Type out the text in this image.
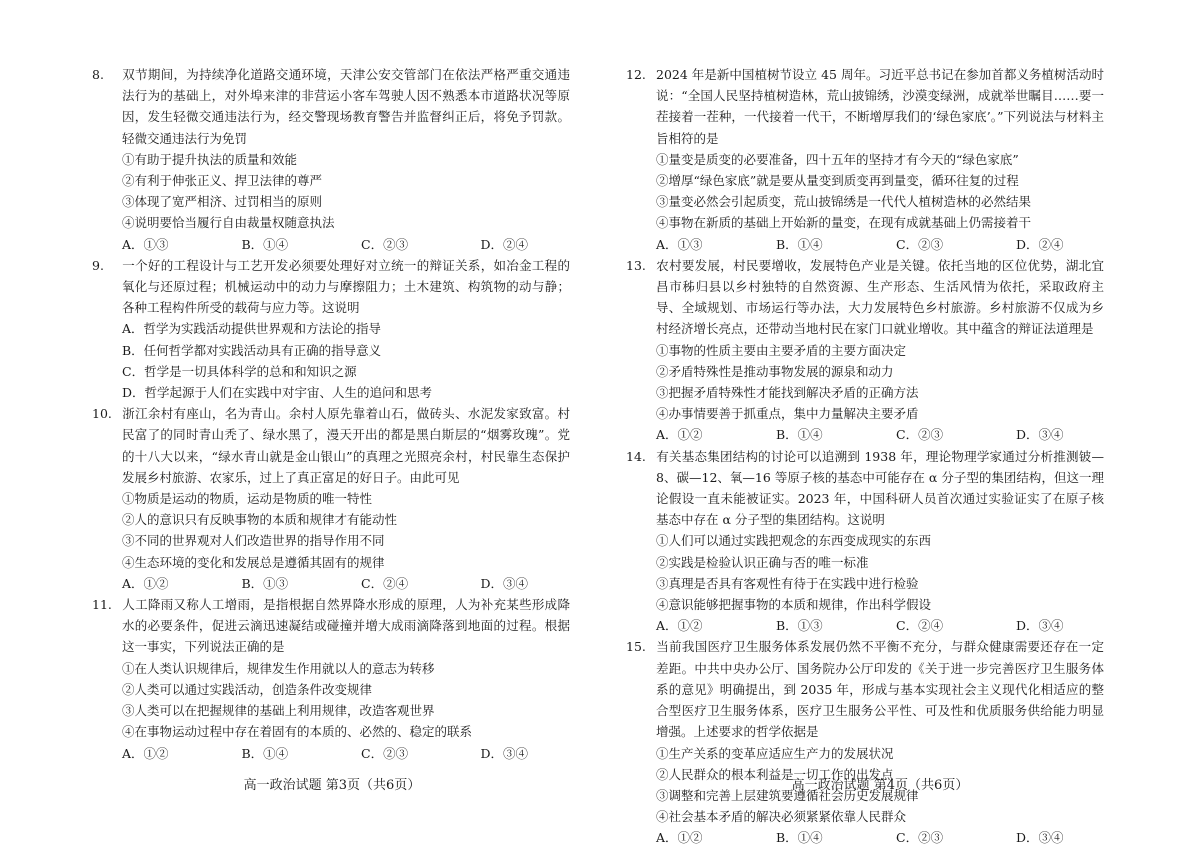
8. 双节期间，为持续净化道路交通环境，天津公安交管部门在依法严格严重交通违法行为的基础上，对外埠来津的非营运小客车驾驶人因不熟悉本市道路状况等原因，发生轻微交通违法行为，经交警现场教育警告并监督纠正后，将免予罚款。轻微交通违法行为免罚

①有助于提升执法的质量和效能

②有利于伸张正义、捍卫法律的尊严

③体现了宽严相济、过罚相当的原则

④说明要恰当履行自由裁量权随意执法

A．①③	B．①④	C．②③	D．②④

9. 一个好的工程设计与工艺开发必须要处理好对立统一的辩证关系，如冶金工程的氧化与还原过程；机械运动中的动力与摩擦阻力；土木建筑、构筑物的动与静；各种工程构件所受的载荷与应力等。这说明

A．哲学为实践活动提供世界观和方法论的指导

B．任何哲学都对实践活动具有正确的指导意义

C．哲学是一切具体科学的总和和知识之源

D．哲学起源于人们在实践中对宇宙、人生的追问和思考

10. 浙江余村有座山，名为青山。余村人原先靠着山石，做砖头、水泥发家致富。村民富了的同时青山秃了、绿水黑了，漫天开出的都是黑白斯层的“烟雾玫瑰”。党的十八大以来，“绿水青山就是金山银山”的真理之光照亮余村，村民靠生态保护发展乡村旅游、农家乐，过上了真正富足的好日子。由此可见

①物质是运动的物质，运动是物质的唯一特性

②人的意识只有反映事物的本质和规律才有能动性

③不同的世界观对人们改造世界的指导作用不同

④生态环境的变化和发展总是遵循其固有的规律

A．①②	B．①③	C．②④	D．③④

11. 人工降雨又称人工增雨，是指根据自然界降水形成的原理，人为补充某些形成降水的必要条件，促进云滴迅速凝结或碰撞并增大成雨滴降落到地面的过程。根据这一事实，下列说法正确的是

①在人类认识规律后，规律发生作用就以人的意志为转移

②人类可以通过实践活动，创造条件改变规律

③人类可以在把握规律的基础上利用规律，改造客观世界

④在事物运动过程中存在着固有的本质的、必然的、稳定的联系

A．①②	B．①④	C．②③	D．③④
高一政治试题 第3页（共6页）

12. 2024 年是新中国植树节设立 45 周年。习近平总书记在参加首都义务植树活动时说：“全国人民坚持植树造林，荒山披锦绣，沙漠变绿洲，成就举世瞩目……要一茬接着一茬种，一代接着一代干，不断增厚我们的‘绿色家底’。”下列说法与材料主旨相符的是

①量变是质变的必要准备，四十五年的坚持才有今天的“绿色家底”

②增厚“绿色家底”就是要从量变到质变再到量变，循环往复的过程

③量变必然会引起质变，荒山披锦绣是一代代人植树造林的必然结果

④事物在新质的基础上开始新的量变，在现有成就基础上仍需接着干

A．①③	B．①④	C．②③	D．②④

13. 农村要发展，村民要增收，发展特色产业是关键。依托当地的区位优势，湖北宜昌市秭归县以乡村独特的自然资源、生产形态、生活风情为依托，采取政府主导、全域规划、市场运行等办法，大力发展特色乡村旅游。乡村旅游不仅成为乡村经济增长亮点，还带动当地村民在家门口就业增收。其中蕴含的辩证法道理是

①事物的性质主要由主要矛盾的主要方面决定

②矛盾特殊性是推动事物发展的源泉和动力

③把握矛盾特殊性才能找到解决矛盾的正确方法

④办事情要善于抓重点，集中力量解决主要矛盾

A．①②	B．①④	C．②③	D．③④

14. 有关基态集团结构的讨论可以追溯到 1938 年，理论物理学家通过分析推测铍—8、碳—12、氧—16 等原子核的基态中可能存在 α 分子型的集团结构，但这一理论假设一直未能被证实。2023 年，中国科研人员首次通过实验证实了在原子核基态中存在 α 分子型的集团结构。这说明

①人们可以通过实践把观念的东西变成现实的东西

②实践是检验认识正确与否的唯一标准

③真理是否具有客观性有待于在实践中进行检验

④意识能够把握事物的本质和规律，作出科学假设

A．①②	B．①③	C．②④	D．③④

15. 当前我国医疗卫生服务体系发展仍然不平衡不充分，与群众健康需要还存在一定差距。中共中央办公厅、国务院办公厅印发的《关于进一步完善医疗卫生服务体系的意见》明确提出，到 2035 年，形成与基本实现社会主义现代化相适应的整合型医疗卫生服务体系，医疗卫生服务公平性、可及性和优质服务供给能力明显增强。上述要求的哲学依据是

①生产关系的变革应适应生产力的发展状况

②人民群众的根本利益是一切工作的出发点

③调整和完善上层建筑要遵循社会历史发展规律

④社会基本矛盾的解决必须紧紧依靠人民群众

A．①②	B．①④	C．②③	D．③④
高一政治试题 第4页（共6页）
